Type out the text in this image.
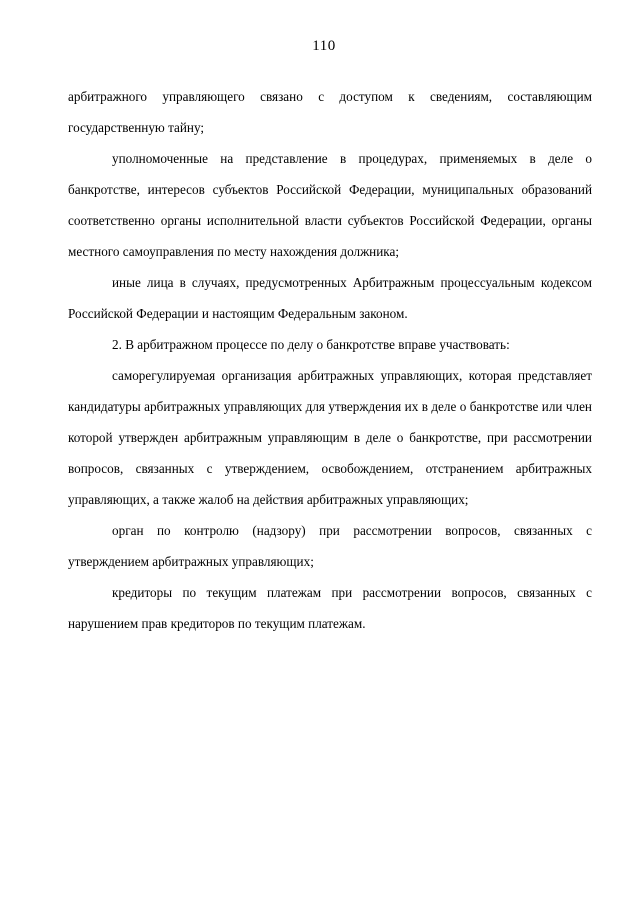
110

арбитражного управляющего связано с доступом к сведениям, составляющим государственную тайну;

уполномоченные на представление в процедурах, применяемых в деле о банкротстве, интересов субъектов Российской Федерации, муниципальных образований соответственно органы исполнительной власти субъектов Российской Федерации, органы местного самоуправления по месту нахождения должника;

иные лица в случаях, предусмотренных Арбитражным процессуальным кодексом Российской Федерации и настоящим Федеральным законом.

2. В арбитражном процессе по делу о банкротстве вправе участвовать:

саморегулируемая организация арбитражных управляющих, которая представляет кандидатуры арбитражных управляющих для утверждения их в деле о банкротстве или член которой утвержден арбитражным управляющим в деле о банкротстве, при рассмотрении вопросов, связанных с утверждением, освобождением, отстранением арбитражных управляющих, а также жалоб на действия арбитражных управляющих;

орган по контролю (надзору) при рассмотрении вопросов, связанных с утверждением арбитражных управляющих;

кредиторы по текущим платежам при рассмотрении вопросов, связанных с нарушением прав кредиторов по текущим платежам.
